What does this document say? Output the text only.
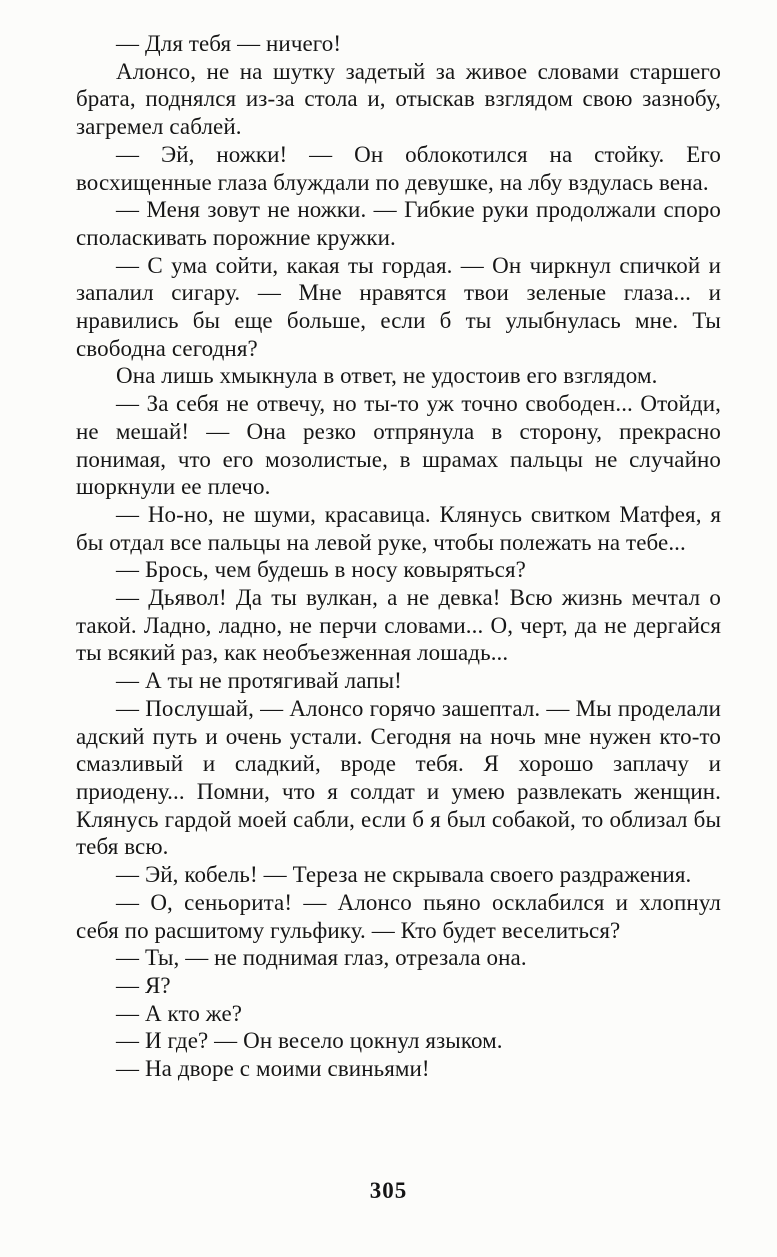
— Для тебя — ничего!

Алонсо, не на шутку задетый за живое словами старшего брата, поднялся из-за стола и, отыскав взглядом свою зазнобу, загремел саблей.

— Эй, ножки! — Он облокотился на стойку. Его восхищенные глаза блуждали по девушке, на лбу вздулась вена.

— Меня зовут не ножки. — Гибкие руки продолжали споро споласкивать порожние кружки.

— С ума сойти, какая ты гордая. — Он чиркнул спичкой и запалил сигару. — Мне нравятся твои зеленые глаза... и нравились бы еще больше, если б ты улыбнулась мне. Ты свободна сегодня?

Она лишь хмыкнула в ответ, не удостоив его взглядом.

— За себя не отвечу, но ты-то уж точно свободен... Отойди, не мешай! — Она резко отпрянула в сторону, прекрасно понимая, что его мозолистые, в шрамах пальцы не случайно шоркнули ее плечо.

— Но-но, не шуми, красавица. Клянусь свитком Матфея, я бы отдал все пальцы на левой руке, чтобы полежать на тебе...

— Брось, чем будешь в носу ковыряться?

— Дьявол! Да ты вулкан, а не девка! Всю жизнь мечтал о такой. Ладно, ладно, не перчи словами... О, черт, да не дергайся ты всякий раз, как необъезженная лошадь...

— А ты не протягивай лапы!

— Послушай, — Алонсо горячо зашептал. — Мы проделали адский путь и очень устали. Сегодня на ночь мне нужен кто-то смазливый и сладкий, вроде тебя. Я хорошо заплачу и приодену... Помни, что я солдат и умею развлекать женщин. Клянусь гардой моей сабли, если б я был собакой, то облизал бы тебя всю.

— Эй, кобель! — Тереза не скрывала своего раздражения.

— О, сеньорита! — Алонсо пьяно осклабился и хлопнул себя по расшитому гульфику. — Кто будет веселиться?

— Ты, — не поднимая глаз, отрезала она.

— Я?

— А кто же?

— И где? — Он весело цокнул языком.

— На дворе с моими свиньями!

305
